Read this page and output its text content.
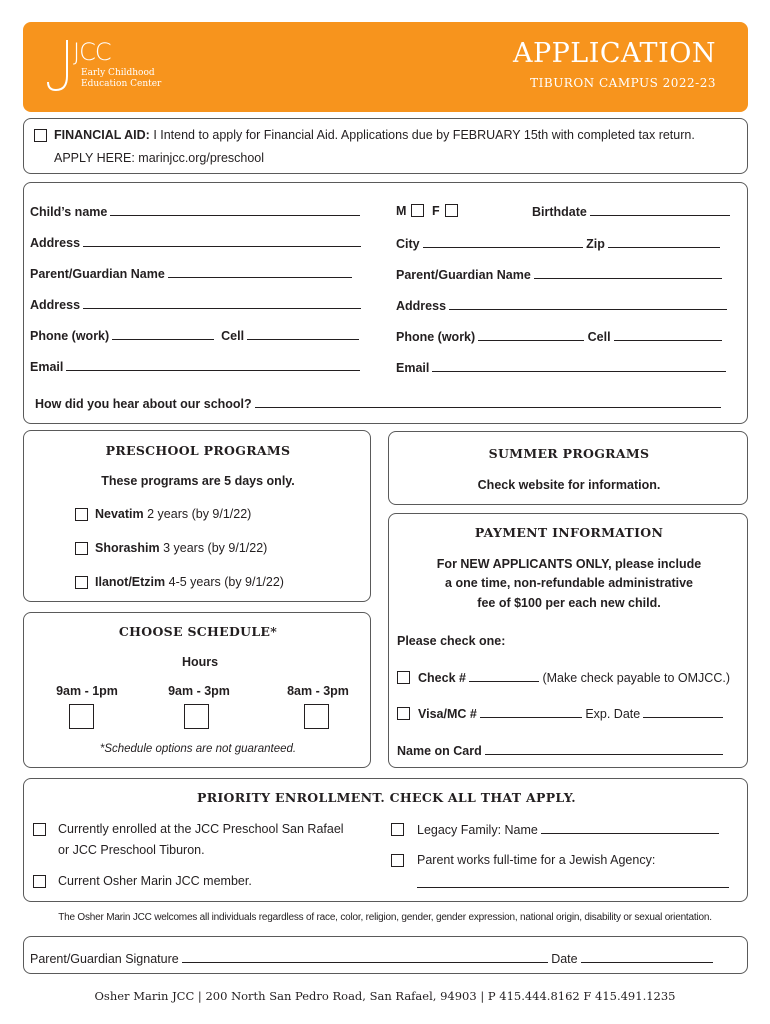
JCC
Early Childhood
Education Center
APPLICATION
TIBURON CAMPUS 2022-23
FINANCIAL AID: I Intend to apply for Financial Aid. Applications due by FEBRUARY 15th with completed tax return.
APPLY HERE: marinjcc.org/preschool
Child’s name
Address
Parent/Guardian Name
Address
Phone (work)	Cell
Email
M F	Birthdate
City	Zip
Parent/Guardian Name
Address
Phone (work)	Cell
Email
How did you hear about our school?
PRESCHOOL PROGRAMS
These programs are 5 days only.
Nevatim 2 years (by 9/1/22)
Shorashim 3 years (by 9/1/22)
Ilanot/Etzim 4-5 years (by 9/1/22)
CHOOSE SCHEDULE*
Hours
9am - 1pm	9am - 3pm	8am - 3pm
*Schedule options are not guaranteed.
SUMMER PROGRAMS
Check website for information.
PAYMENT INFORMATION
For NEW APPLICANTS ONLY, please include
a one time, non-refundable administrative
fee of $100 per each new child.
Please check one:
Check #	(Make check payable to OMJCC.)
Visa/MC #	Exp. Date
Name on Card
PRIORITY ENROLLMENT. CHECK ALL THAT APPLY.
Currently enrolled at the JCC Preschool San Rafael
or JCC Preschool Tiburon.
Current Osher Marin JCC member.
Legacy Family: Name
Parent works full-time for a Jewish Agency:
The Osher Marin JCC welcomes all individuals regardless of race, color, religion, gender, gender expression, national origin, disability or sexual orientation.
Parent/Guardian Signature	Date
Osher Marin JCC | 200 North San Pedro Road, San Rafael, 94903 | P 415.444.8162 F 415.491.1235
